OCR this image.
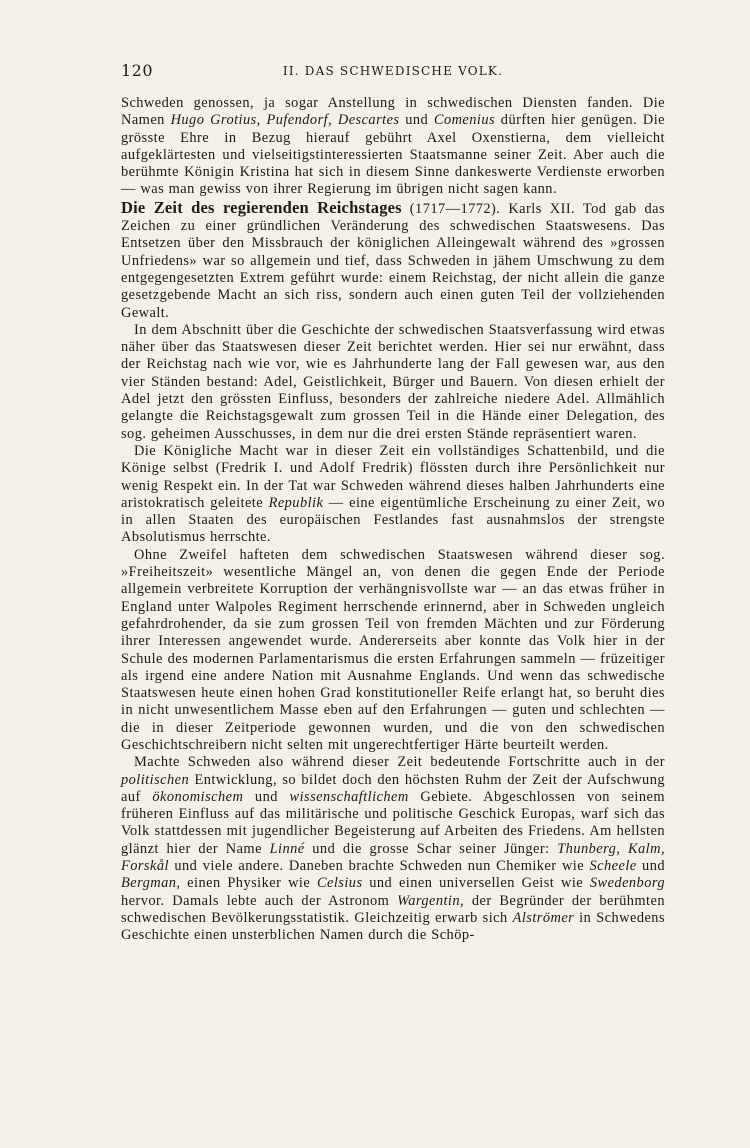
120	II. DAS SCHWEDISCHE VOLK.

Schweden genossen, ja sogar Anstellung in schwedischen Diensten fanden. Die Namen Hugo Grotius, Pufendorf, Descartes und Comenius dürften hier genügen. Die grösste Ehre in Bezug hierauf gebührt Axel Oxenstierna, dem vielleicht aufgeklärtesten und vielseitigstinteressierten Staatsmanne seiner Zeit. Aber auch die berühmte Königin Kristina hat sich in diesem Sinne dankeswerte Verdienste erworben — was man gewiss von ihrer Regierung im übrigen nicht sagen kann.

Die Zeit des regierenden Reichstages (1717—1772). Karls XII. Tod gab das Zeichen zu einer gründlichen Veränderung des schwedischen Staatswesens. Das Entsetzen über den Missbrauch der königlichen Alleingewalt während des »grossen Unfriedens» war so allgemein und tief, dass Schweden in jähem Umschwung zu dem entgegengesetzten Extrem geführt wurde: einem Reichstag, der nicht allein die ganze gesetzgebende Macht an sich riss, sondern auch einen guten Teil der vollziehenden Gewalt.

In dem Abschnitt über die Geschichte der schwedischen Staatsverfassung wird etwas näher über das Staatswesen dieser Zeit berichtet werden. Hier sei nur erwähnt, dass der Reichstag nach wie vor, wie es Jahrhunderte lang der Fall gewesen war, aus den vier Ständen bestand: Adel, Geistlichkeit, Bürger und Bauern. Von diesen erhielt der Adel jetzt den grössten Einfluss, besonders der zahlreiche niedere Adel. Allmählich gelangte die Reichstagsgewalt zum grossen Teil in die Hände einer Delegation, des sog. geheimen Ausschusses, in dem nur die drei ersten Stände repräsentiert waren.

Die Königliche Macht war in dieser Zeit ein vollständiges Schattenbild, und die Könige selbst (Fredrik I. und Adolf Fredrik) flössten durch ihre Persönlichkeit nur wenig Respekt ein. In der Tat war Schweden während dieses halben Jahrhunderts eine aristokratisch geleitete Republik — eine eigentümliche Erscheinung zu einer Zeit, wo in allen Staaten des europäischen Festlandes fast ausnahmslos der strengste Absolutismus herrschte.

Ohne Zweifel hafteten dem schwedischen Staatswesen während dieser sog. »Freiheitszeit» wesentliche Mängel an, von denen die gegen Ende der Periode allgemein verbreitete Korruption der verhängnisvollste war — an das etwas früher in England unter Walpoles Regiment herrschende erinnernd, aber in Schweden ungleich gefahrdrohender, da sie zum grossen Teil von fremden Mächten und zur Förderung ihrer Interessen angewendet wurde. Andererseits aber konnte das Volk hier in der Schule des modernen Parlamentarismus die ersten Erfahrungen sammeln — früzeitiger als irgend eine andere Nation mit Ausnahme Englands. Und wenn das schwedische Staatswesen heute einen hohen Grad konstitutioneller Reife erlangt hat, so beruht dies in nicht unwesentlichem Masse eben auf den Erfahrungen — guten und schlechten — die in dieser Zeitperiode gewonnen wurden, und die von den schwedischen Geschichtschreibern nicht selten mit ungerechtfertiger Härte beurteilt werden.

Machte Schweden also während dieser Zeit bedeutende Fortschritte auch in der politischen Entwicklung, so bildet doch den höchsten Ruhm der Zeit der Aufschwung auf ökonomischem und wissenschaftlichem Gebiete. Abgeschlossen von seinem früheren Einfluss auf das militärische und politische Geschick Europas, warf sich das Volk stattdessen mit jugendlicher Begeisterung auf Arbeiten des Friedens. Am hellsten glänzt hier der Name Linné und die grosse Schar seiner Jünger: Thunberg, Kalm, Forskål und viele andere. Daneben brachte Schweden nun Chemiker wie Scheele und Bergman, einen Physiker wie Celsius und einen universellen Geist wie Swedenborg hervor. Damals lebte auch der Astronom Wargentin, der Begründer der berühmten schwedischen Bevölkerungsstatistik. Gleichzeitig erwarb sich Alströmer in Schwedens Geschichte einen unsterblichen Namen durch die Schöp-
